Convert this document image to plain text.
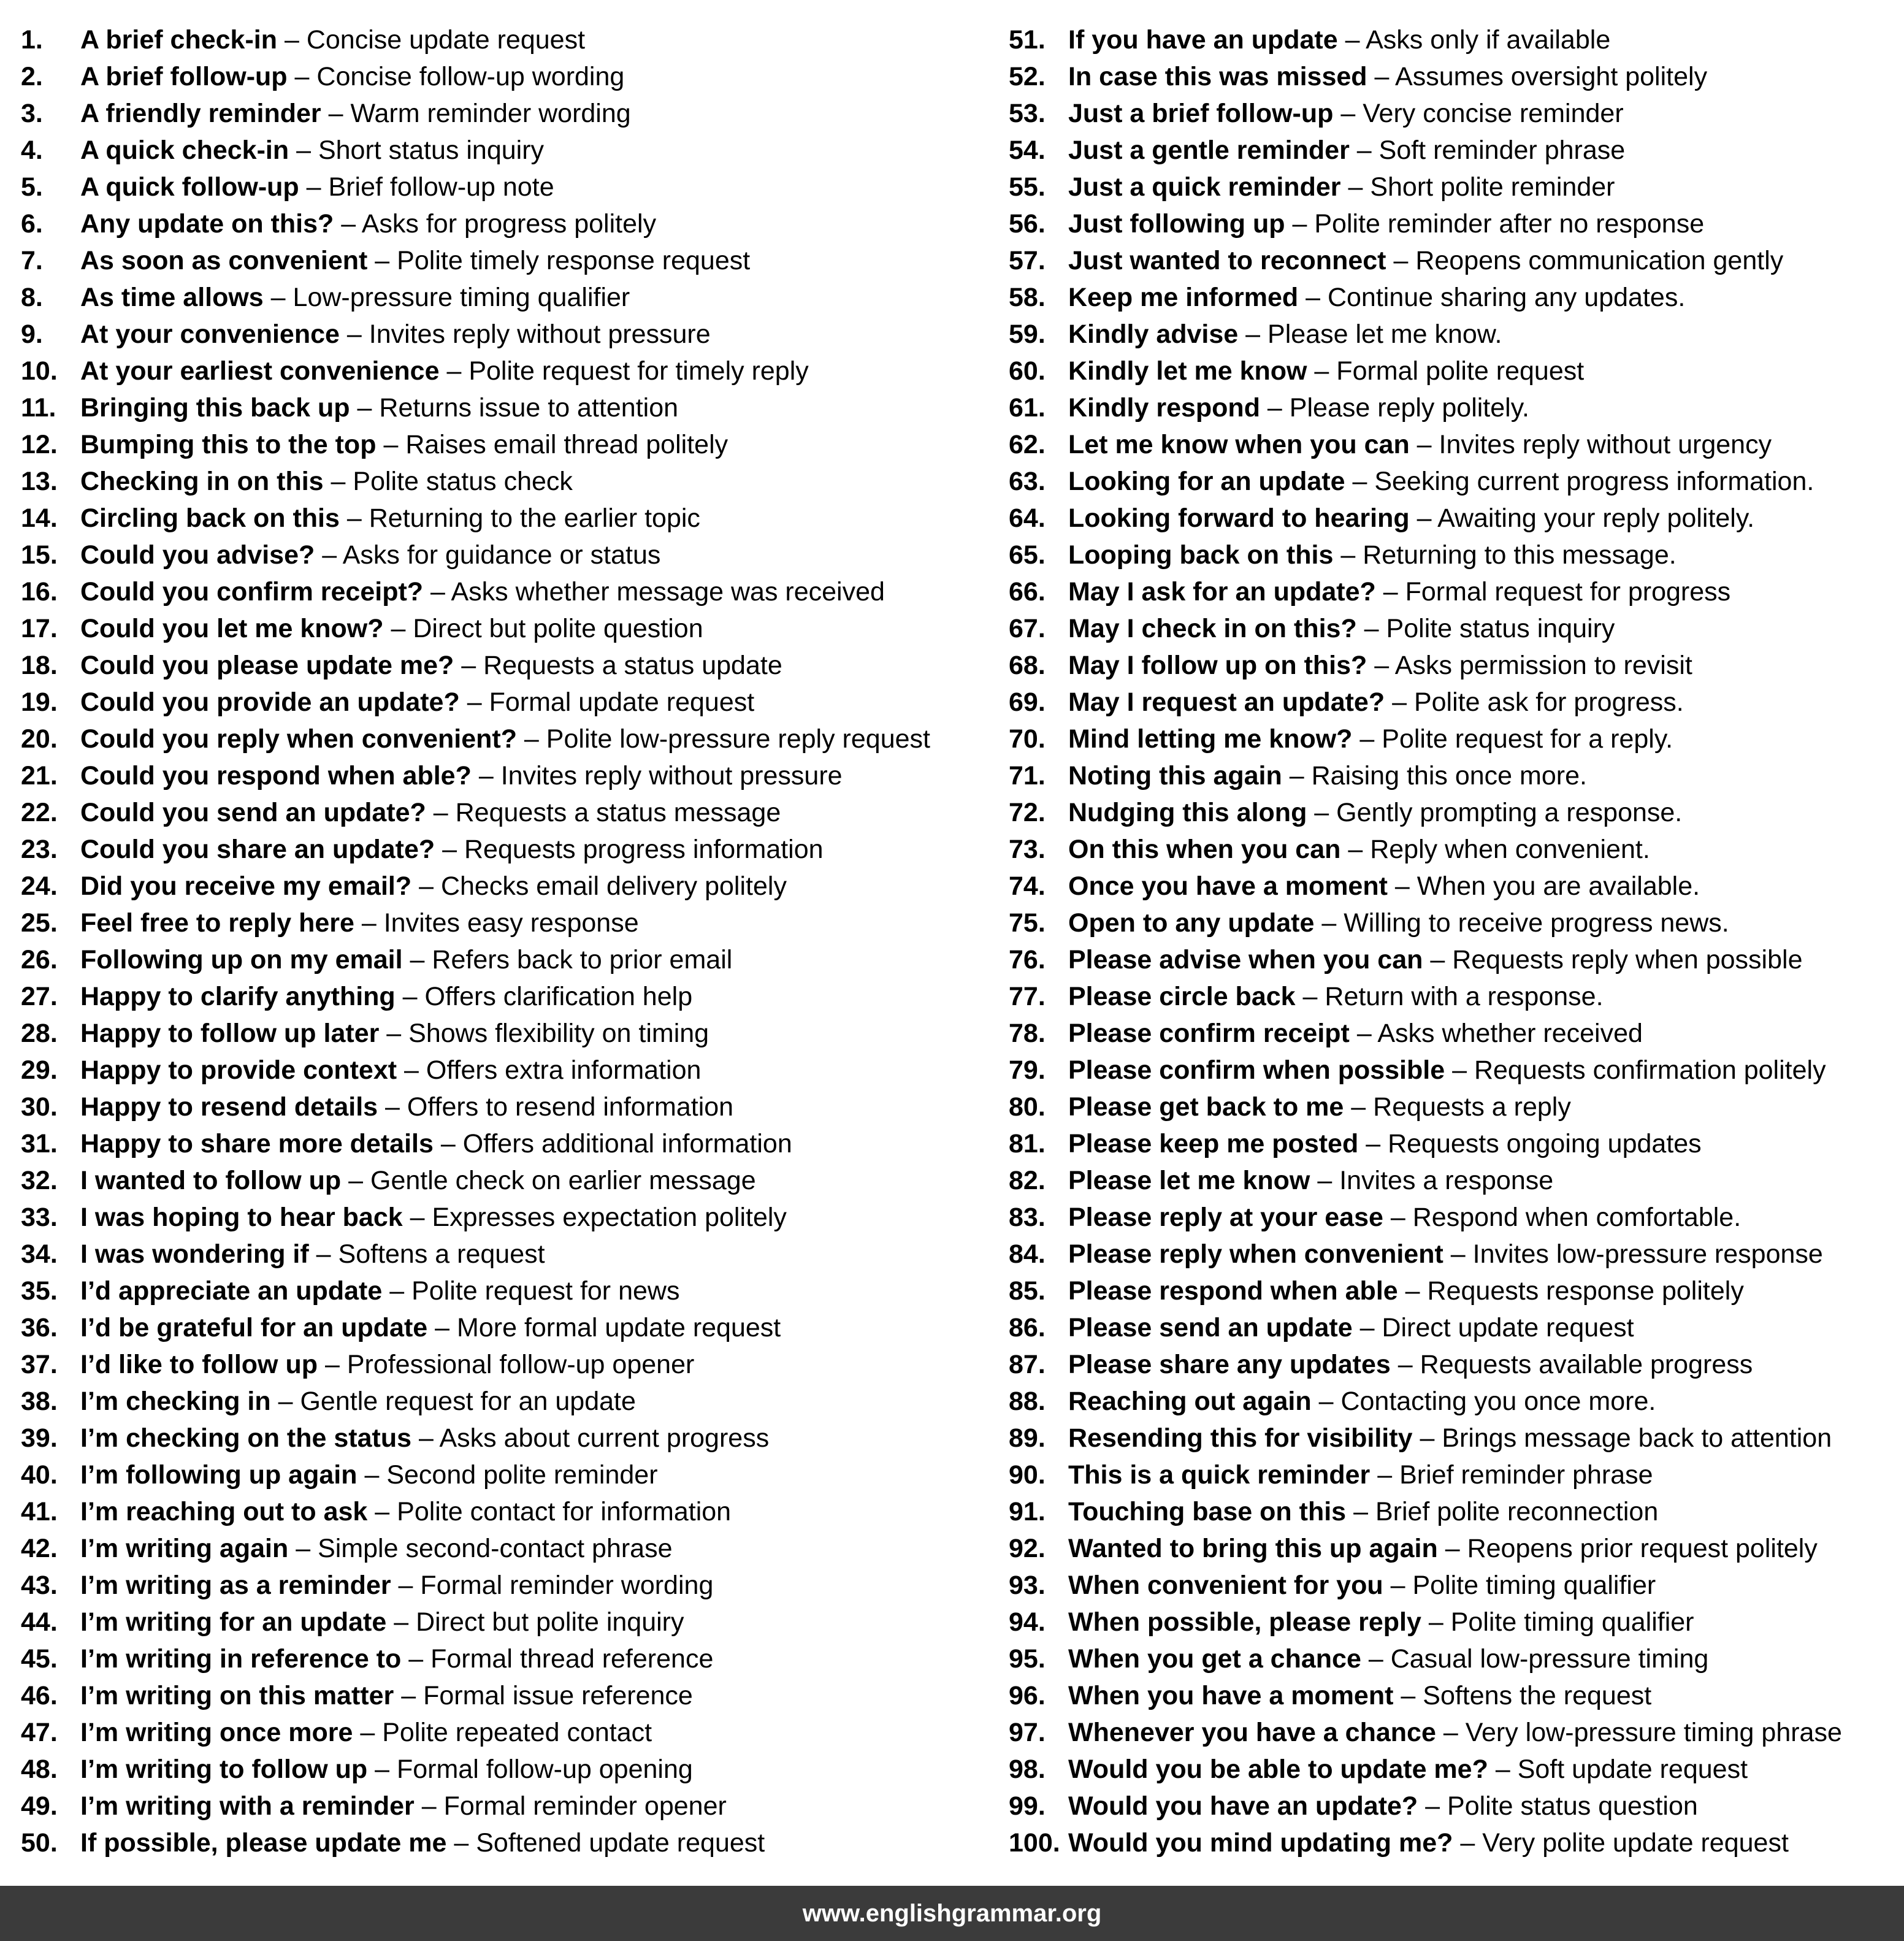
1. A brief check-in – Concise update request
2. A brief follow-up – Concise follow-up wording
3. A friendly reminder – Warm reminder wording
4. A quick check-in – Short status inquiry
5. A quick follow-up – Brief follow-up note
6. Any update on this? – Asks for progress politely
7. As soon as convenient – Polite timely response request
8. As time allows – Low-pressure timing qualifier
9. At your convenience – Invites reply without pressure
10. At your earliest convenience – Polite request for timely reply
11. Bringing this back up – Returns issue to attention
12. Bumping this to the top – Raises email thread politely
13. Checking in on this – Polite status check
14. Circling back on this – Returning to the earlier topic
15. Could you advise? – Asks for guidance or status
16. Could you confirm receipt? – Asks whether message was received
17. Could you let me know? – Direct but polite question
18. Could you please update me? – Requests a status update
19. Could you provide an update? – Formal update request
20. Could you reply when convenient? – Polite low-pressure reply request
21. Could you respond when able? – Invites reply without pressure
22. Could you send an update? – Requests a status message
23. Could you share an update? – Requests progress information
24. Did you receive my email? – Checks email delivery politely
25. Feel free to reply here – Invites easy response
26. Following up on my email – Refers back to prior email
27. Happy to clarify anything – Offers clarification help
28. Happy to follow up later – Shows flexibility on timing
29. Happy to provide context – Offers extra information
30. Happy to resend details – Offers to resend information
31. Happy to share more details – Offers additional information
32. I wanted to follow up – Gentle check on earlier message
33. I was hoping to hear back – Expresses expectation politely
34. I was wondering if – Softens a request
35. I’d appreciate an update – Polite request for news
36. I’d be grateful for an update – More formal update request
37. I’d like to follow up – Professional follow-up opener
38. I’m checking in – Gentle request for an update
39. I’m checking on the status – Asks about current progress
40. I’m following up again – Second polite reminder
41. I’m reaching out to ask – Polite contact for information
42. I’m writing again – Simple second-contact phrase
43. I’m writing as a reminder – Formal reminder wording
44. I’m writing for an update – Direct but polite inquiry
45. I’m writing in reference to – Formal thread reference
46. I’m writing on this matter – Formal issue reference
47. I’m writing once more – Polite repeated contact
48. I’m writing to follow up – Formal follow-up opening
49. I’m writing with a reminder – Formal reminder opener
50. If possible, please update me – Softened update request
51. If you have an update – Asks only if available
52. In case this was missed – Assumes oversight politely
53. Just a brief follow-up – Very concise reminder
54. Just a gentle reminder – Soft reminder phrase
55. Just a quick reminder – Short polite reminder
56. Just following up – Polite reminder after no response
57. Just wanted to reconnect – Reopens communication gently
58. Keep me informed – Continue sharing any updates.
59. Kindly advise – Please let me know.
60. Kindly let me know – Formal polite request
61. Kindly respond – Please reply politely.
62. Let me know when you can – Invites reply without urgency
63. Looking for an update – Seeking current progress information.
64. Looking forward to hearing – Awaiting your reply politely.
65. Looping back on this – Returning to this message.
66. May I ask for an update? – Formal request for progress
67. May I check in on this? – Polite status inquiry
68. May I follow up on this? – Asks permission to revisit
69. May I request an update? – Polite ask for progress.
70. Mind letting me know? – Polite request for a reply.
71. Noting this again – Raising this once more.
72. Nudging this along – Gently prompting a response.
73. On this when you can – Reply when convenient.
74. Once you have a moment – When you are available.
75. Open to any update – Willing to receive progress news.
76. Please advise when you can – Requests reply when possible
77. Please circle back – Return with a response.
78. Please confirm receipt – Asks whether received
79. Please confirm when possible – Requests confirmation politely
80. Please get back to me – Requests a reply
81. Please keep me posted – Requests ongoing updates
82. Please let me know – Invites a response
83. Please reply at your ease – Respond when comfortable.
84. Please reply when convenient – Invites low-pressure response
85. Please respond when able – Requests response politely
86. Please send an update – Direct update request
87. Please share any updates – Requests available progress
88. Reaching out again – Contacting you once more.
89. Resending this for visibility – Brings message back to attention
90. This is a quick reminder – Brief reminder phrase
91. Touching base on this – Brief polite reconnection
92. Wanted to bring this up again – Reopens prior request politely
93. When convenient for you – Polite timing qualifier
94. When possible, please reply – Polite timing qualifier
95. When you get a chance – Casual low-pressure timing
96. When you have a moment – Softens the request
97. Whenever you have a chance – Very low-pressure timing phrase
98. Would you be able to update me? – Soft update request
99. Would you have an update? – Polite status question
100. Would you mind updating me? – Very polite update request
www.englishgrammar.org
